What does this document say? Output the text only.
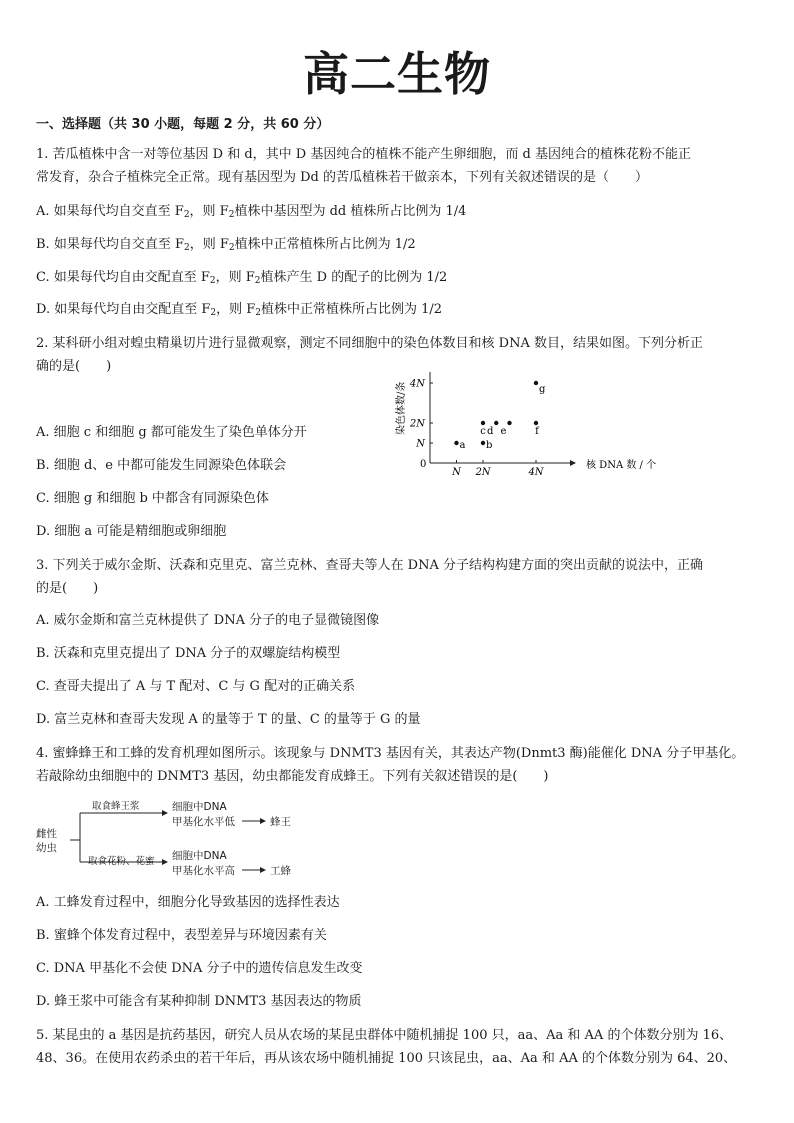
高二生物
一、选择题（共 30 小题，每题 2 分，共 60 分）
1. 苦瓜植株中含一对等位基因 D 和 d，其中 D 基因纯合的植株不能产生卵细胞，而 d 基因纯合的植株花粉不能正
常发育，杂合子植株完全正常。现有基因型为 Dd 的苦瓜植株若干做亲本，下列有关叙述错误的是（　　）
A. 如果每代均自交直至 $F_2$，则 $F_2$植株中基因型为 dd 植株所占比例为 1/4
B. 如果每代均自交直至 $F_2$，则 $F_2$植株中正常植株所占比例为 1/2
C. 如果每代均自由交配直至 $F_2$，则 $F_2$植株产生 D 的配子的比例为 1/2
D. 如果每代均自由交配直至 $F_2$，则 $F_2$植株中正常植株所占比例为 1/2
2. 某科研小组对蝗虫精巢切片进行显微观察，测定不同细胞中的染色体数目和核 DNA 数目，结果如图。下列分析正
确的是(　　)
A. 细胞 c 和细胞 g 都可能发生了染色单体分开
B. 细胞 d、e 中都可能发生同源染色体联会
C. 细胞 g 和细胞 b 中都含有同源染色体
D. 细胞 a 可能是精细胞或卵细胞
0
N 2N	4N
N
2N
4N
核 DNA 数 / 个
染色体数/条
a b
c d e	f
g
3. 下列关于威尔金斯、沃森和克里克、富兰克林、查哥夫等人在 DNA 分子结构构建方面的突出贡献的说法中，正确
的是(　　)
A. 威尔金斯和富兰克林提供了 DNA 分子的电子显微镜图像
B. 沃森和克里克提出了 DNA 分子的双螺旋结构模型
C. 查哥夫提出了 A 与 T 配对、C 与 G 配对的正确关系
D. 富兰克林和查哥夫发现 A 的量等于 T 的量、C 的量等于 G 的量
4. 蜜蜂蜂王和工蜂的发育机理如图所示。该现象与 DNMT3 基因有关，其表达产物(Dnmt3 酶)能催化 DNA 分子甲基化。
若敲除幼虫细胞中的 DNMT3 基因，幼虫都能发育成蜂王。下列有关叙述错误的是(　　)
雌性
幼虫
取食蜂王浆	细胞中DNA
甲基化水平低	蜂王
取食花粉、花蜜 细胞中DNA
甲基化水平高	工蜂
A. 工蜂发育过程中，细胞分化导致基因的选择性表达
B. 蜜蜂个体发育过程中，表型差异与环境因素有关
C. DNA 甲基化不会使 DNA 分子中的遗传信息发生改变
D. 蜂王浆中可能含有某种抑制 DNMT3 基因表达的物质
5. 某昆虫的 a 基因是抗药基因，研究人员从农场的某昆虫群体中随机捕捉 100 只，aa、Aa 和 AA 的个体数分别为 16、
48、36。在使用农药杀虫的若干年后，再从该农场中随机捕捉 100 只该昆虫，aa、Aa 和 AA 的个体数分别为 64、20、
